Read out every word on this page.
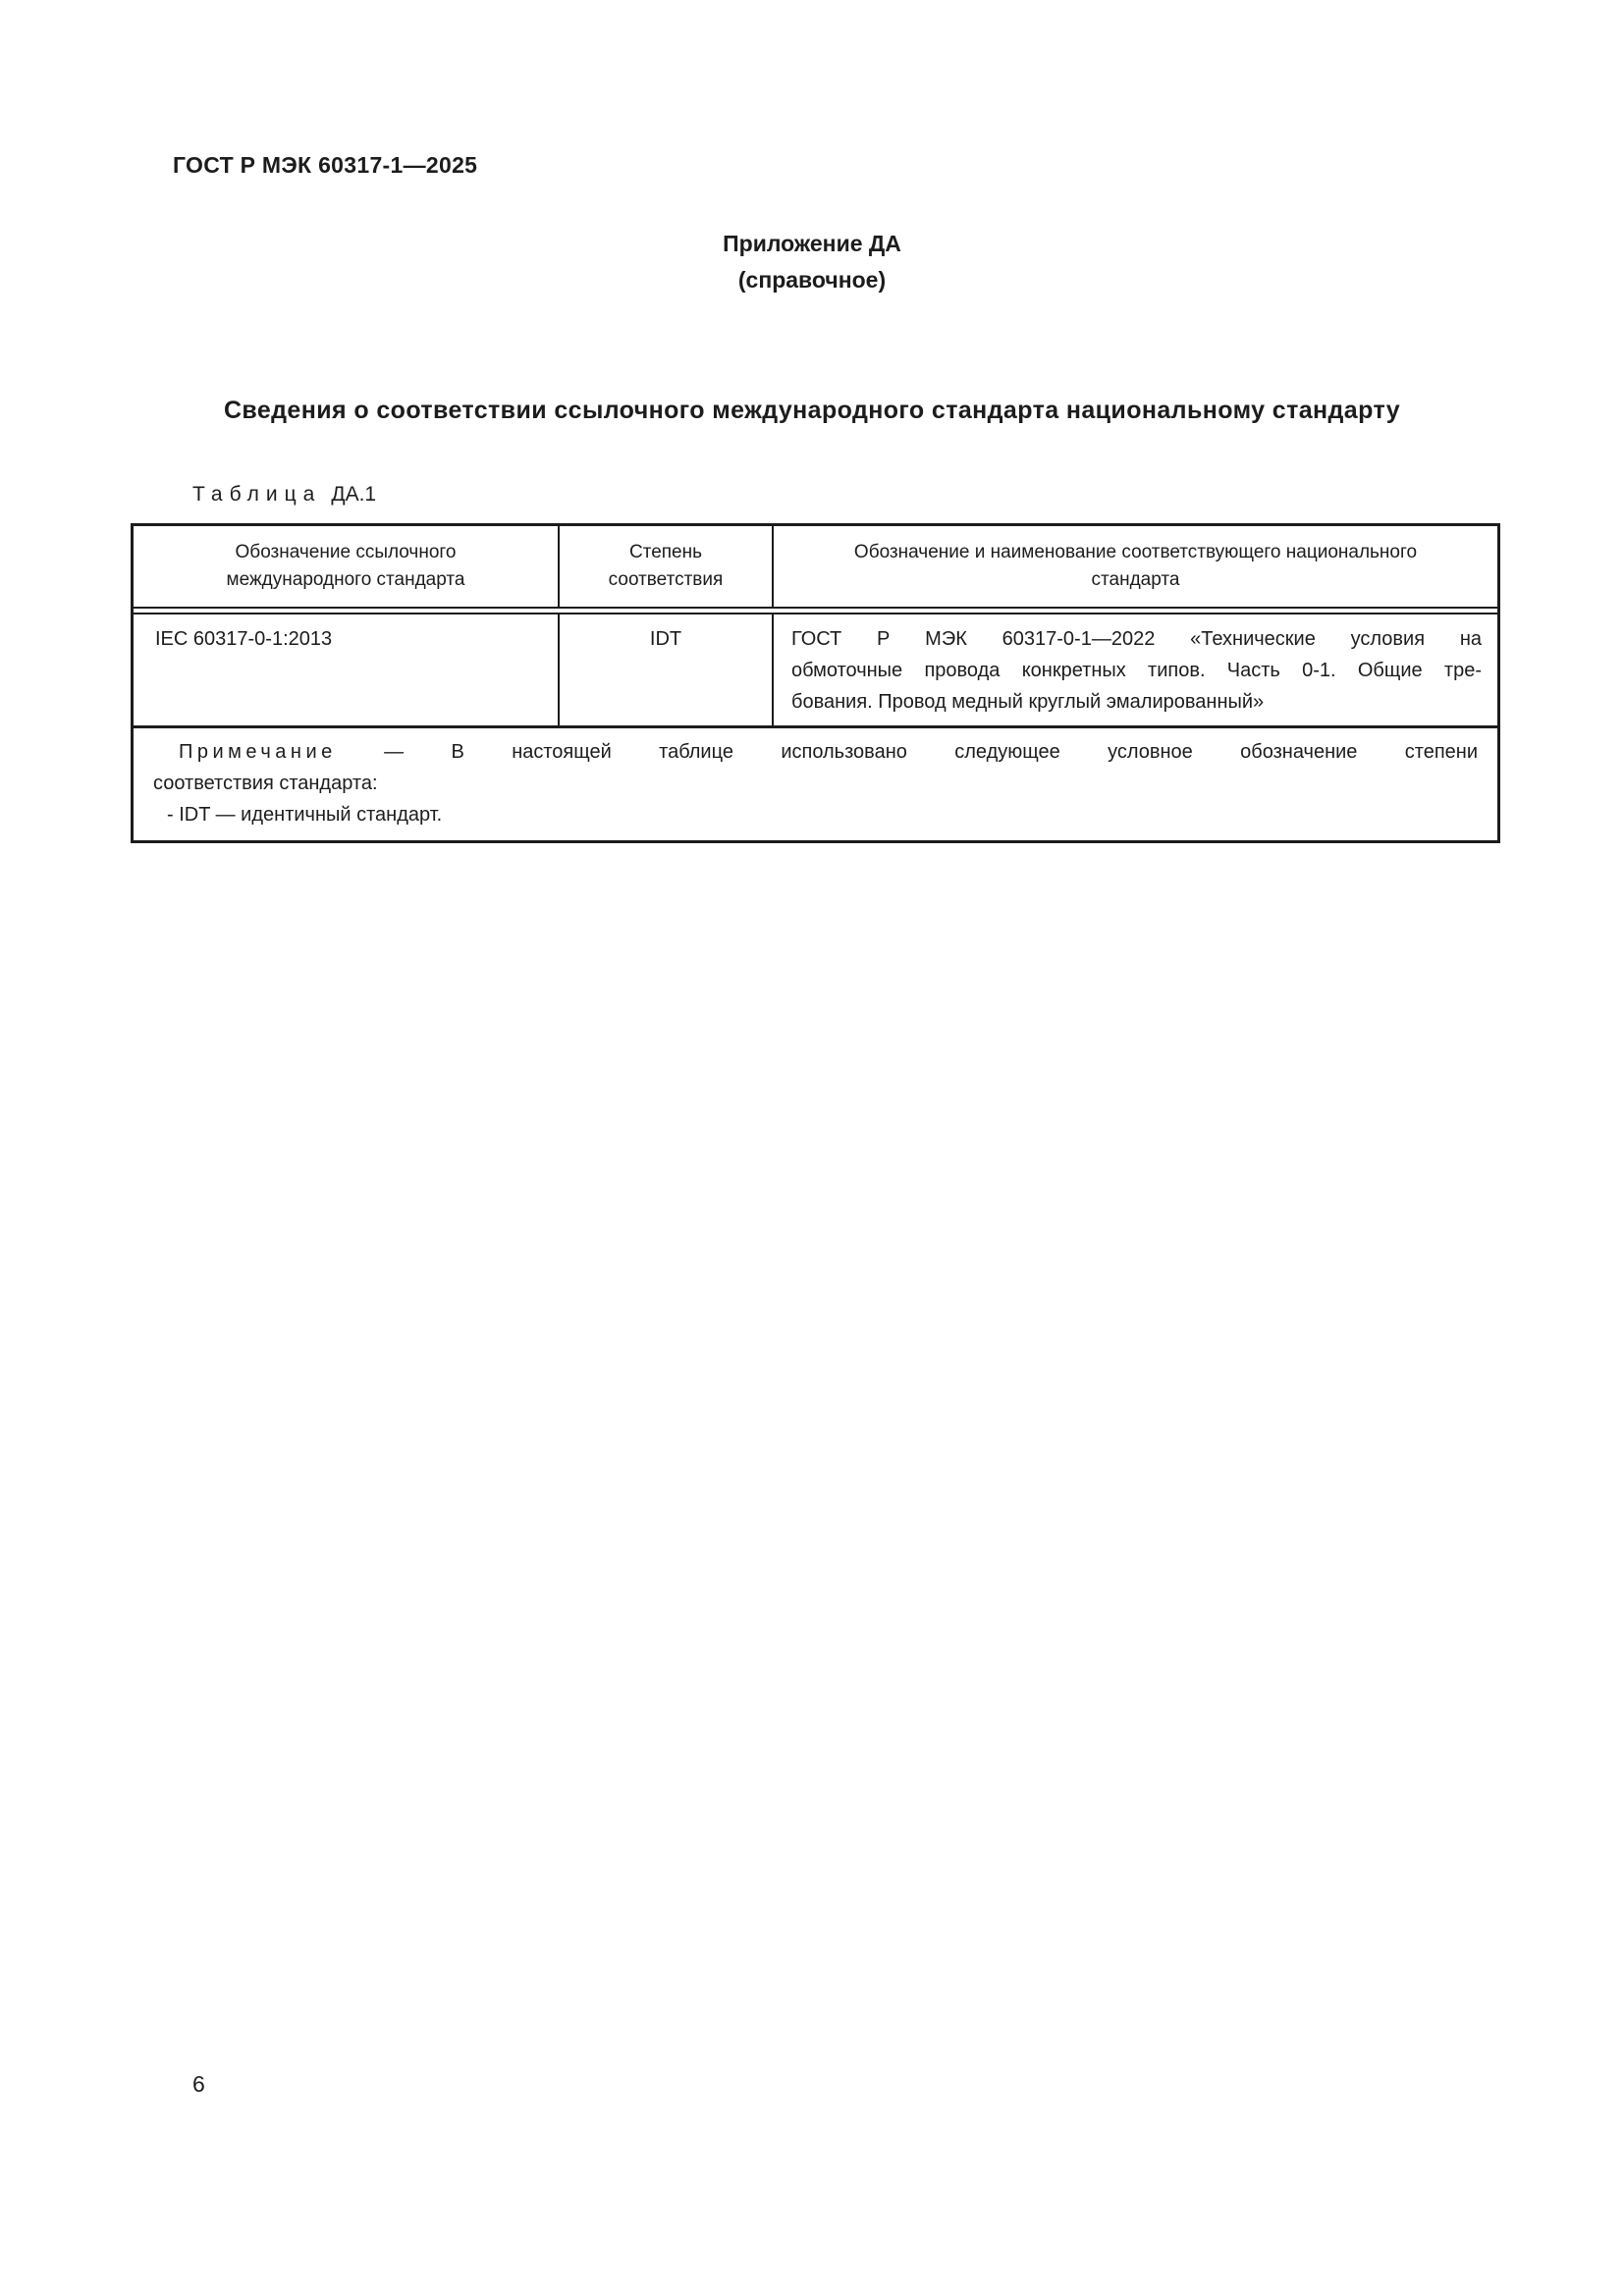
ГОСТ Р МЭК 60317-1—2025
Приложение ДА
(справочное)
Сведения о соответствии ссылочного международного стандарта национальному стандарту
Таблица ДА.1
Обозначение ссылочного международного стандарта
Степень соответствия
Обозначение и наименование соответствующего национального стандарта
IEC 60317-0-1:2013	IDT	ГОСТ Р МЭК 60317-0-1—2022 «Технические условия на
обмоточные провода конкретных типов. Часть 0-1. Общие тре-
бования. Провод медный круглый эмалированный»
Примечание — В настоящей таблице использовано следующее условное обозначение степени
соответствия стандарта:
- IDT — идентичный стандарт.
6
